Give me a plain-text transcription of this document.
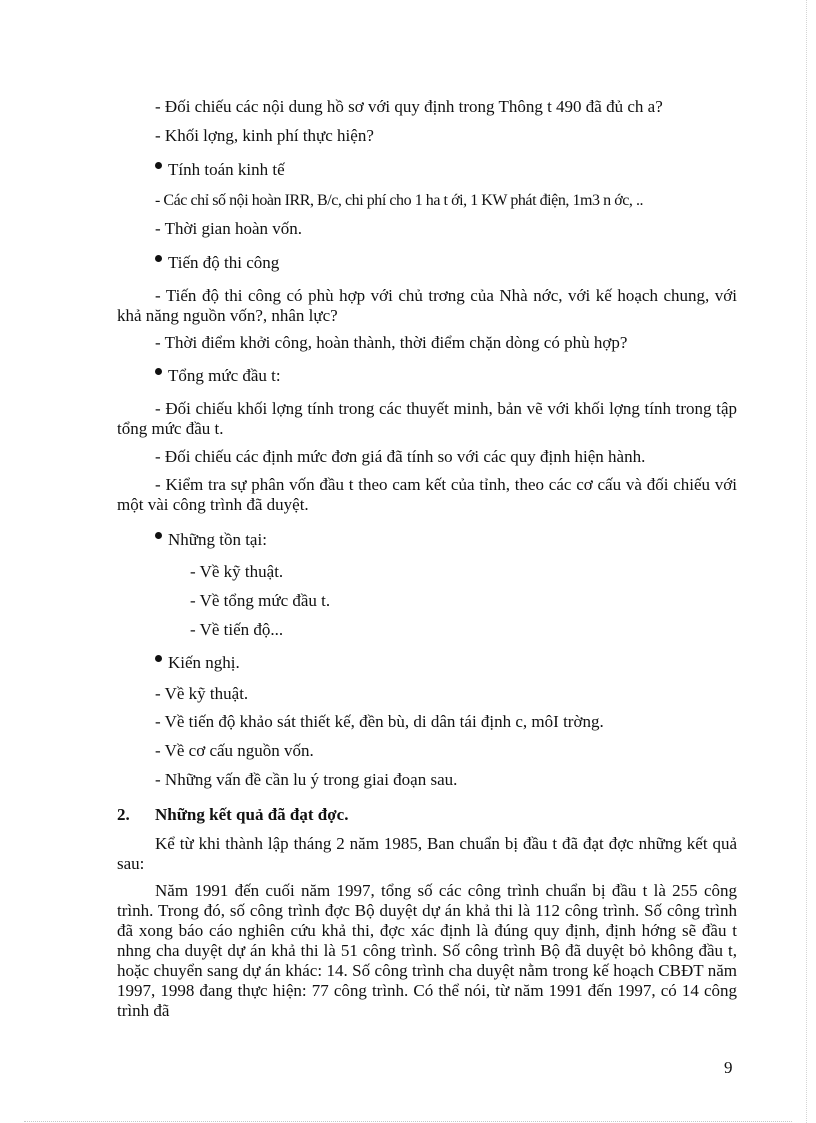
- Đối chiếu các nội dung hồ sơ với quy định trong Thông t 490 đã đủ ch a?
- Khối lợng, kinh phí thực hiện?
Tính toán kinh tế
- Các chỉ số nội hoàn IRR, B/c, chi phí cho 1 ha t ới, 1 KW phát điện, 1m3 n ớc, ..
- Thời gian hoàn vốn.
Tiến độ thi công
- Tiến độ thi công có phù hợp với chủ trơng của Nhà nớc, với kế hoạch chung, với khả năng nguồn vốn?, nhân lực?
- Thời điểm khởi công, hoàn thành, thời điểm chặn dòng có phù hợp?
Tổng mức đầu t:
- Đối chiếu khối lợng tính trong các thuyết minh, bản vẽ với khối lợng tính trong tập tổng mức đầu t.
- Đối chiếu các định mức đơn giá đã tính so với các quy định hiện hành.
- Kiểm tra sự phân vốn đầu t theo cam kết của tỉnh, theo các cơ cấu và đối chiếu với một vài công trình đã duyệt.
Những tồn tại:
- Về kỹ thuật.
- Về tổng mức đầu t.
- Về tiến độ...
Kiến nghị.
- Về kỹ thuật.
- Về tiến độ khảo sát thiết kế, đền bù, di dân tái định c, môI trờng.
- Về cơ cấu nguồn vốn.
- Những vấn đề cần lu ý trong giai đoạn sau.
2. Những kết quả đã đạt đợc.
Kể từ khi thành lập tháng 2 năm 1985, Ban chuẩn bị đầu t đã đạt đợc những kết quả sau:
Năm 1991 đến cuối năm 1997, tổng số các công trình chuẩn bị đầu t là 255 công trình. Trong đó, số công trình đợc Bộ duyệt dự án khả thi là 112 công trình. Số công trình đã xong báo cáo nghiên cứu khả thi, đợc xác định là đúng quy định, định hớng sẽ đầu t nhng cha duyệt dự án khả thi là 51 công trình. Số công trình Bộ đã duyệt bỏ không đầu t, hoặc chuyển sang dự án khác: 14. Số công trình cha duyệt nằm trong kế hoạch CBĐT năm 1997, 1998 đang thực hiện: 77 công trình. Có thể nói, từ năm 1991 đến 1997, có 14 công trình đã
9
